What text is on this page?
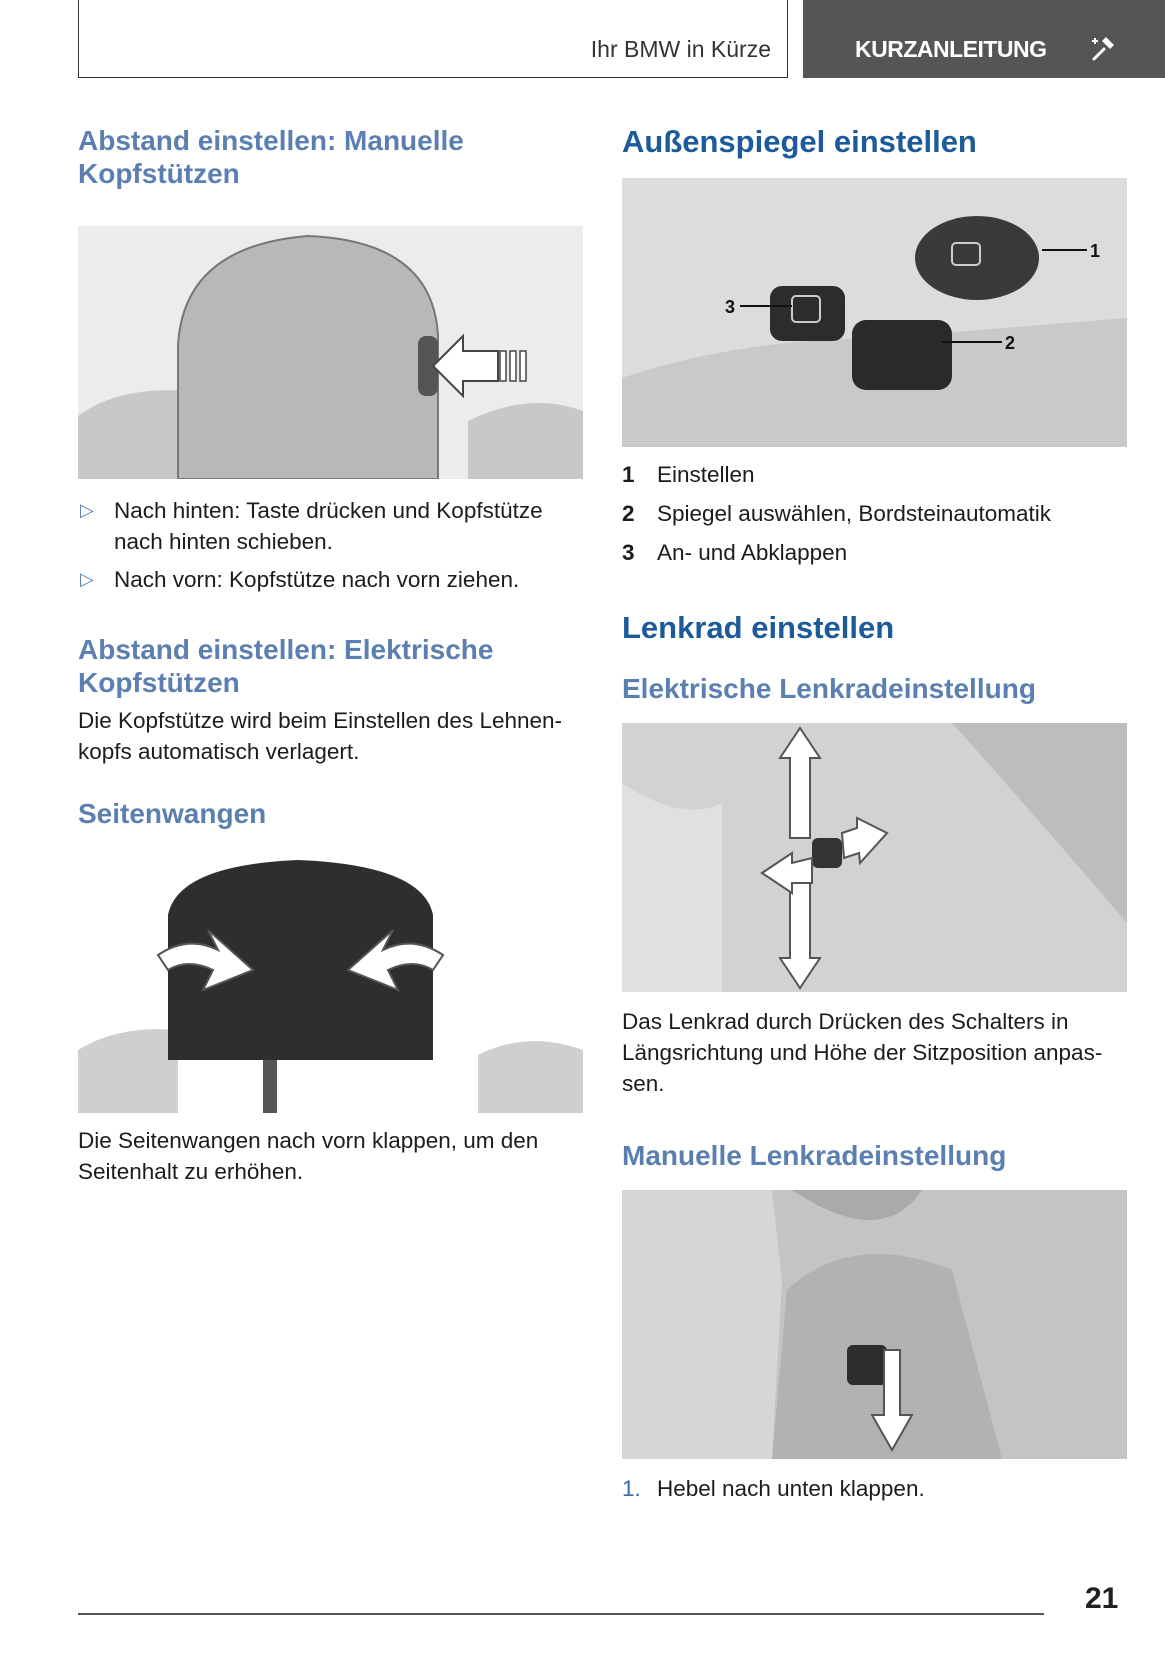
Ihr BMW in Kürze	KURZANLEITUNG
Abstand einstellen: Manuelle Kopfstützen
▷ Nach hinten: Taste drücken und Kopfstütze nach hinten schieben.
▷ Nach vorn: Kopfstütze nach vorn ziehen.
Abstand einstellen: Elektrische Kopfstützen

Die Kopfstütze wird beim Einstellen des Lehnenkopfs automatisch verlagert.

Seitenwangen

Die Seitenwangen nach vorn klappen, um den Seitenhalt zu erhöhen.

Außenspiegel einstellen
1
2
3
1 Einstellen
2 Spiegel auswählen, Bordsteinautomatik
3 An- und Abklappen
Lenkrad einstellen
Elektrische Lenkradeinstellung

Das Lenkrad durch Drücken des Schalters in Längsrichtung und Höhe der Sitzposition anpassen.

Manuelle Lenkradeinstellung
1. Hebel nach unten klappen.
21
